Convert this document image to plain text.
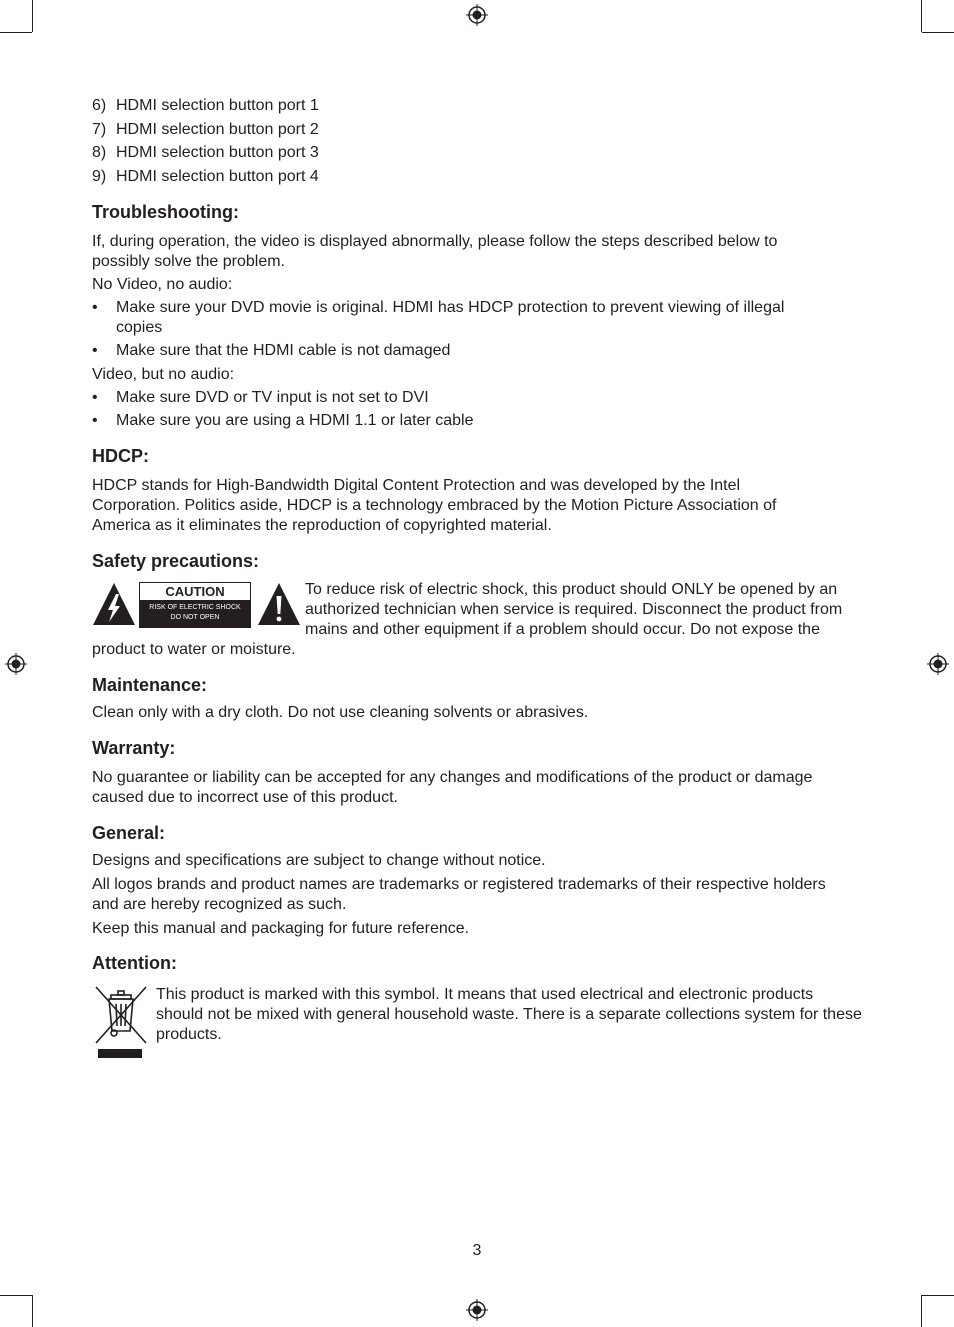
6) HDMI selection button port 1
7) HDMI selection button port 2
8) HDMI selection button port 3
9) HDMI selection button port 4
Troubleshooting:

If, during operation, the video is displayed abnormally, please follow the steps described below to possibly solve the problem.

No Video, no audio:

• Make sure your DVD movie is original. HDMI has HDCP protection to prevent viewing of illegal copies
• Make sure that the HDMI cable is not damaged

Video, but no audio:

• Make sure DVD or TV input is not set to DVI
• Make sure you are using a HDMI 1.1 or later cable
HDCP:

HDCP stands for High-Bandwidth Digital Content Protection and was developed by the Intel Corporation. Politics aside, HDCP is a technology embraced by the Motion Picture Association of America as it eliminates the reproduction of copyrighted material.

Safety precautions:
CAUTION
RISK OF ELECTRIC SHOCK
DO NOT OPEN

To reduce risk of electric shock, this product should ONLY be opened by an authorized technician when service is required. Disconnect the product from mains and other equipment if a problem should occur. Do not expose the product to water or moisture.

Maintenance:

Clean only with a dry cloth. Do not use cleaning solvents or abrasives.

Warranty:

No guarantee or liability can be accepted for any changes and modifications of the product or damage caused due to incorrect use of this product.

General:

Designs and specifications are subject to change without notice.

All logos brands and product names are trademarks or registered trademarks of their respective holders and are hereby recognized as such.

Keep this manual and packaging for future reference.

Attention:

This product is marked with this symbol. It means that used electrical and electronic products should not be mixed with general household waste. There is a separate collections system for these products.

3
